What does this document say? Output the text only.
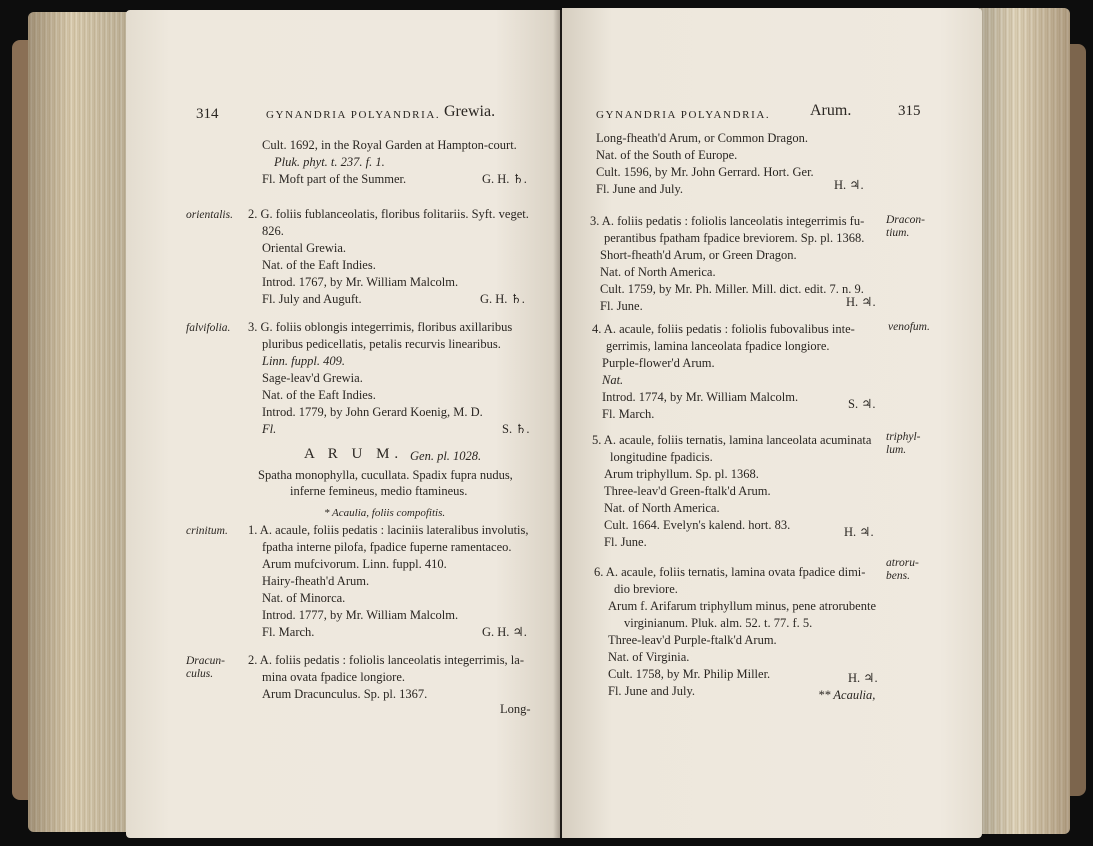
314	GYNANDRIA POLYANDRIA. Grewia.
Cult. 1692, in the Royal Garden at Hampton-court.
Pluk. phyt. t. 237. f. 1.
Fl. Moft part of the Summer.	G. H. ♄.
orientalis. 2. G. foliis fublanceolatis, floribus folitariis. Syft. veget.
826.
Oriental Grewia.
Nat. of the Eaft Indies.
Introd. 1767, by Mr. William Malcolm.
Fl. July and Auguft.	G. H. ♄.
falvifolia. 3. G. foliis oblongis integerrimis, floribus axillaribus
pluribus pedicellatis, petalis recurvis linearibus.
Linn. fuppl. 409.
Sage-leav'd Grewia.
Nat. of the Eaft Indies.
Introd. 1779, by John Gerard Koenig, M. D.
Fl.	S. ♄.
A R U M. Gen. pl. 1028.
Spatha monophylla, cucullata. Spadix fupra nudus,
inferne femineus, medio ftamineus.
* Acaulia, foliis compofitis.
crinitum. 1. A. acaule, foliis pedatis : laciniis lateralibus involutis,
fpatha interne pilofa, fpadice fuperne ramentaceo.
Arum mufcivorum. Linn. fuppl. 410.
Hairy-fheath'd Arum.
Nat. of Minorca.
Introd. 1777, by Mr. William Malcolm.
Fl. March.	G. H. ♃.
Dracun-
culus.
2. A. foliis pedatis : foliolis lanceolatis integerrimis, la-
mina ovata fpadice longiore.
Arum Dracunculus. Sp. pl. 1367.
Long-
GYNANDRIA POLYANDRIA. Arum.	315
Long-fheath'd Arum, or Common Dragon.
Nat. of the South of Europe.
Cult. 1596, by Mr. John Gerrard. Hort. Ger.
Fl. June and July.	H. ♃.
Dracon-
tium.
3. A. foliis pedatis : foliolis lanceolatis integerrimis fu-
perantibus fpatham fpadice breviorem. Sp. pl. 1368.
Short-fheath'd Arum, or Green Dragon.
Nat. of North America.
Cult. 1759, by Mr. Ph. Miller. Mill. dict. edit. 7. n. 9.
Fl. June.	H. ♃.
venofum.
4. A. acaule, foliis pedatis : foliolis fubovalibus inte-
gerrimis, lamina lanceolata fpadice longiore.
Purple-flower'd Arum.
Nat.
Introd. 1774, by Mr. William Malcolm.
Fl. March.
S. ♃.
triphyl-
lum.
5. A. acaule, foliis ternatis, lamina lanceolata acuminata
longitudine fpadicis.
Arum triphyllum. Sp. pl. 1368.
Three-leav'd Green-ftalk'd Arum.
Nat. of North America.
Cult. 1664. Evelyn's kalend. hort. 83.
Fl. June.
H. ♃.
atroru-
bens.
6. A. acaule, foliis ternatis, lamina ovata fpadice dimi-
dio breviore.
Arum f. Arifarum triphyllum minus, pene atrorubente
virginianum. Pluk. alm. 52. t. 77. f. 5.
Three-leav'd Purple-ftalk'd Arum.
Nat. of Virginia.
Cult. 1758, by Mr. Philip Miller.
Fl. June and July.
H. ♃.
** Acaulia,
